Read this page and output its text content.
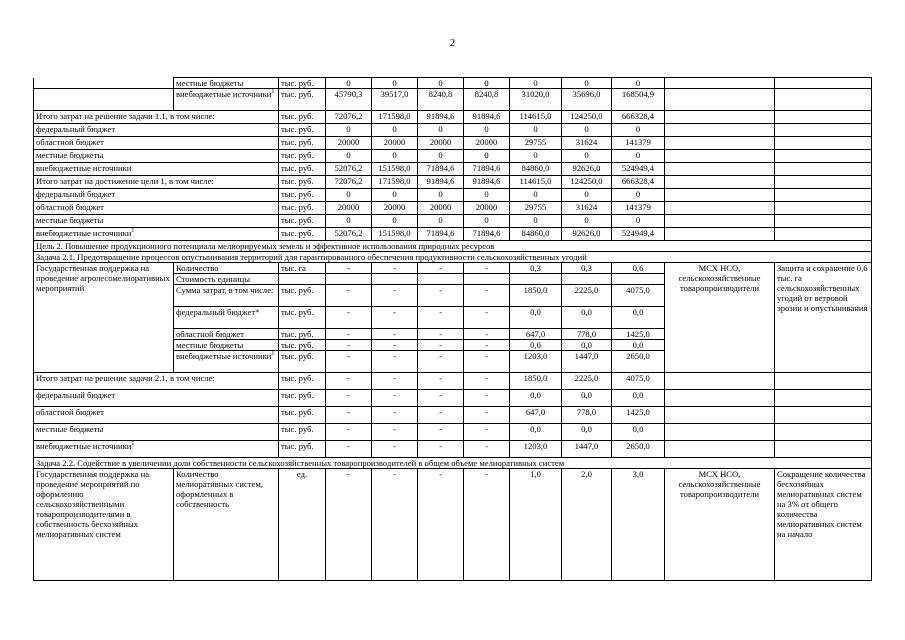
2
	местные бюджеты	тыс. руб.	0	0	0	0	0	0	0		
	внебюджетные источники$^1$	тыс. руб.	45790,3	39517,0	8240,8	8240,8	31020,0	35696,0	168504,9		
Итого затрат на решение задачи 1.1, в том числе:		тыс. руб.	72076,2	171598,0	91894,6	91894,6	114615,0	124250,0	666328,4		
федеральный бюджет		тыс. руб.	0	0	0	0	0	0	0		
областной бюджет		тыс. руб.	20000	20000	20000	20000	29755	31624	141379		
местные бюджеты		тыс. руб.	0	0	0	0	0	0	0		
внебюджетные источники		тыс. руб.	52076,2	151598,0	71894,6	71894,6	84860,0	92626,0	524949,4		
Итого затрат на достижение цели 1, в том числе:		тыс. руб.	72076,2	171598,0	91894,6	91894,6	114615,0	124250,0	666328,4		
федеральный бюджет		тыс. руб.	0	0	0	0	0	0	0		
областной бюджет		тыс. руб.	20000	20000	20000	20000	29755	31624	141379		
местные бюджеты		тыс. руб.	0	0	0	0	0	0	0		
внебюджетные источники$^1$		тыс. руб.	52076,2	151598,0	71894,6	71894,6	84860,0	92626,0	524949,4		
Цель 2. Повышение продукционного потенциала мелиорируемых земель и эффективное использования природных ресурсов											
Задача 2.1. Предотвращение процессов опустынивания территорий для гарантированного обеспечения продуктивности сельскохозяйственных угодий											
Государственная поддержка на проведение агролесомелиоративных мероприятий	Количество	тыс. га	-	-	-	-	0,3	0,3	0,6	МСХ НСО, сельскохозяйственные товаропроизводители	Защита и сохранение 0,6 тыс. га сельскохозяйственных угодий от ветровой эрозии и опустынивания
	Стоимость единицы										
	Сумма затрат, в том числе:	тыс. руб.	-	-	-	-	1850,0	2225,0	4075,0		
	федеральный бюджет*	тыс. руб.	-	-	-	-	0,0	0,0	0,0		
	областной бюджет	тыс. руб.	-	-	-	-	647,0	778,0	1425,0		
	местные бюджеты	тыс. руб.	-	-	-	-	0,0	0,0	0,0		
	внебюджетные источники$^1$	тыс. руб.	-	-	-	-	1203,0	1447,0	2650,0		
Итого затрат на решение задачи 2.1, в том числе:		тыс. руб.	-	-	-	-	1850,0	2225,0	4075,0		
федеральный бюджет		тыс. руб.	-	-	-	-	0,0	0,0	0,0		
областной бюджет		тыс. руб.	-	-	-	-	647,0	778,0	1425,0		
местные бюджеты		тыс. руб.	-	-	-	-	0,0	0,0	0,0		
внебюджетные источники$^1$		тыс. руб.	-	-	-	-	1203,0	1447,0	2650,0		
Задача 2.2. Содействие в увеличении доли собственности сельскохозяйственных товаропроизводителей в общем объеме мелиоративных систем											
Государственная поддержка на проведение мероприятий по оформлению сельскохозяйственными товаропроизводителями в собственность бесхозяйных мелиоративных систем	Количество мелиоративных систем, оформленных в собственность	ед.	-	-	-	-	1,0	2,0	3,0	МСХ НСО, сельскохозяйственные товаропроизводители	Сокращение количества бесхозяйных мелиоративных систем на 3% от общего количества мелиоративных систем на начало
